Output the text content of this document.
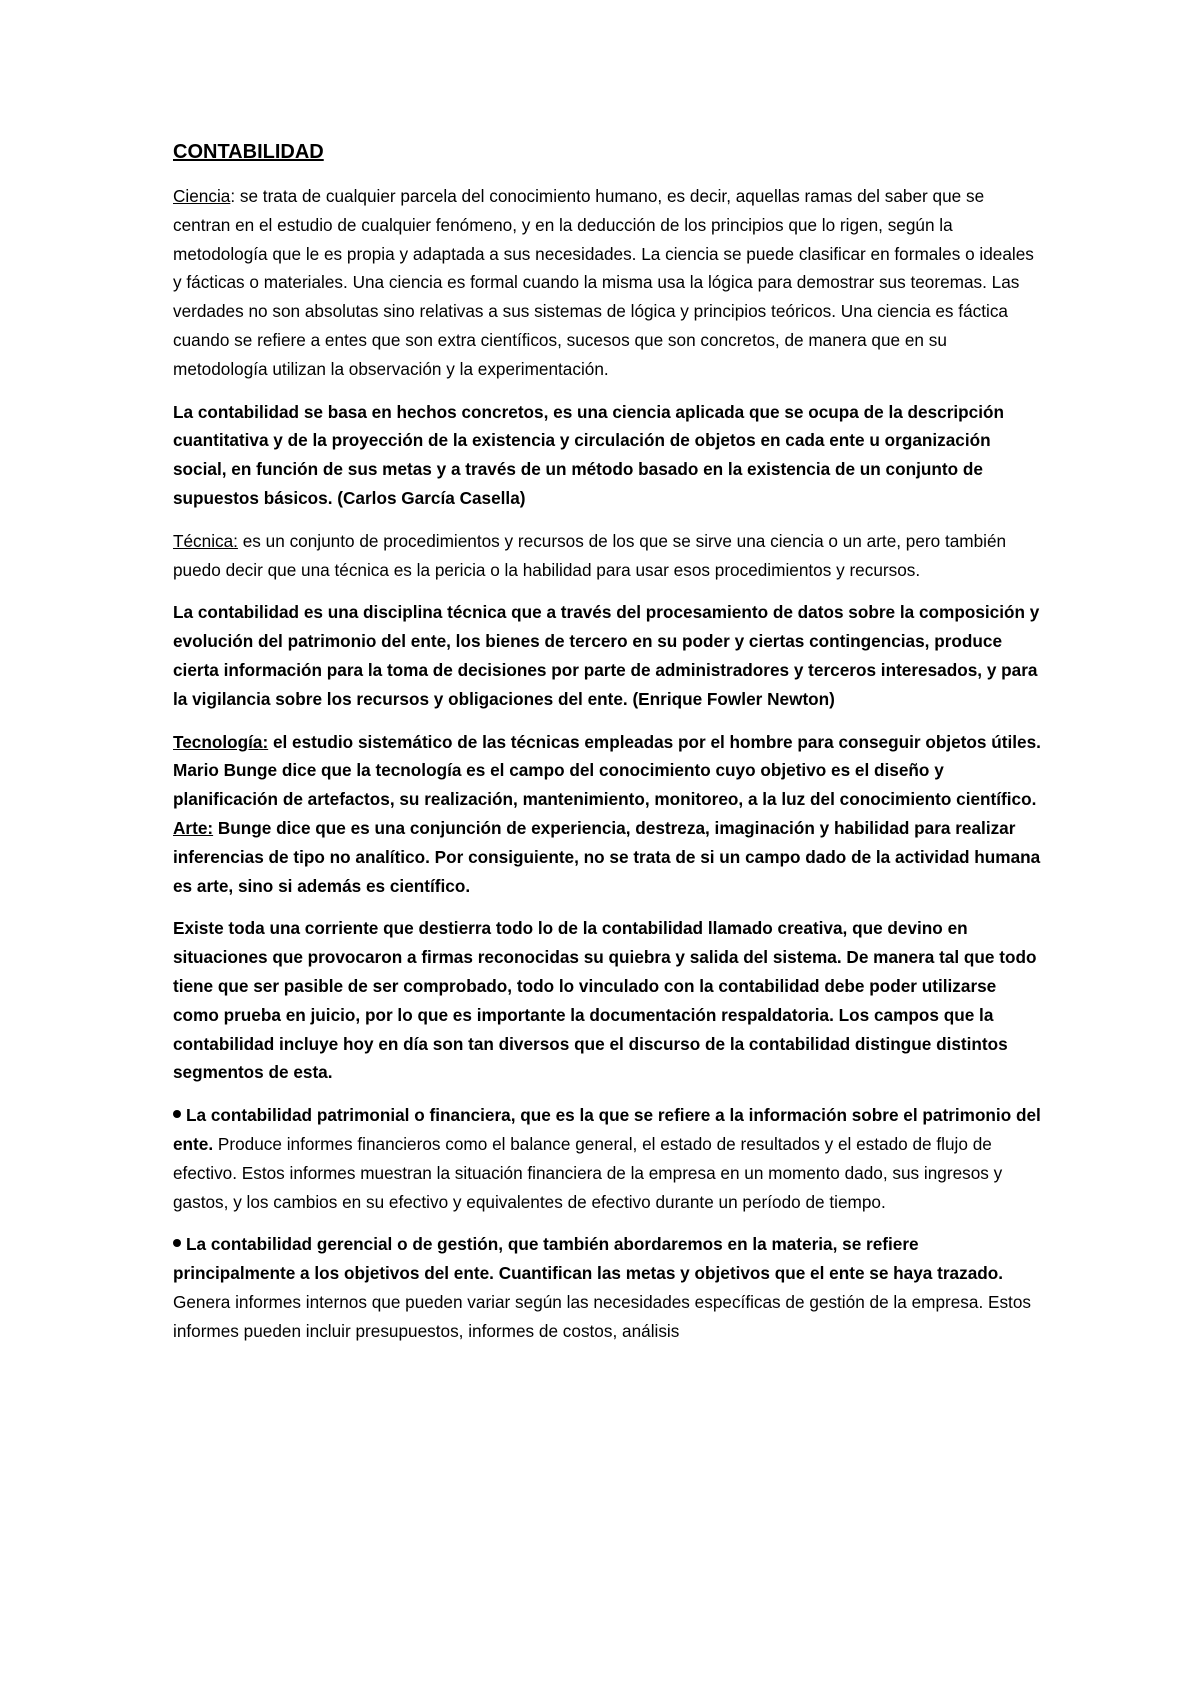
CONTABILIDAD

Ciencia: se trata de cualquier parcela del conocimiento humano, es decir, aquellas ramas del saber que se centran en el estudio de cualquier fenómeno, y en la deducción de los principios que lo rigen, según la metodología que le es propia y adaptada a sus necesidades. La ciencia se puede clasificar en formales o ideales y fácticas o materiales. Una ciencia es formal cuando la misma usa la lógica para demostrar sus teoremas. Las verdades no son absolutas sino relativas a sus sistemas de lógica y principios teóricos. Una ciencia es fáctica cuando se refiere a entes que son extra científicos, sucesos que son concretos, de manera que en su metodología utilizan la observación y la experimentación.

La contabilidad se basa en hechos concretos, es una ciencia aplicada que se ocupa de la descripción cuantitativa y de la proyección de la existencia y circulación de objetos en cada ente u organización social, en función de sus metas y a través de un método basado en la existencia de un conjunto de supuestos básicos. (Carlos García Casella)

Técnica: es un conjunto de procedimientos y recursos de los que se sirve una ciencia o un arte, pero también puedo decir que una técnica es la pericia o la habilidad para usar esos procedimientos y recursos.

La contabilidad es una disciplina técnica que a través del procesamiento de datos sobre la composición y evolución del patrimonio del ente, los bienes de tercero en su poder y ciertas contingencias, produce cierta información para la toma de decisiones por parte de administradores y terceros interesados, y para la vigilancia sobre los recursos y obligaciones del ente. (Enrique Fowler Newton)

Tecnología: el estudio sistemático de las técnicas empleadas por el hombre para conseguir objetos útiles. Mario Bunge dice que la tecnología es el campo del conocimiento cuyo objetivo es el diseño y planificación de artefactos, su realización, mantenimiento, monitoreo, a la luz del conocimiento científico. Arte: Bunge dice que es una conjunción de experiencia, destreza, imaginación y habilidad para realizar inferencias de tipo no analítico. Por consiguiente, no se trata de si un campo dado de la actividad humana es arte, sino si además es científico.

Existe toda una corriente que destierra todo lo de la contabilidad llamado creativa, que devino en situaciones que provocaron a firmas reconocidas su quiebra y salida del sistema. De manera tal que todo tiene que ser pasible de ser comprobado, todo lo vinculado con la contabilidad debe poder utilizarse como prueba en juicio, por lo que es importante la documentación respaldatoria. Los campos que la contabilidad incluye hoy en día son tan diversos que el discurso de la contabilidad distingue distintos segmentos de esta.

La contabilidad patrimonial o financiera, que es la que se refiere a la información sobre el patrimonio del ente. Produce informes financieros como el balance general, el estado de resultados y el estado de flujo de efectivo. Estos informes muestran la situación financiera de la empresa en un momento dado, sus ingresos y gastos, y los cambios en su efectivo y equivalentes de efectivo durante un período de tiempo.

La contabilidad gerencial o de gestión, que también abordaremos en la materia, se refiere principalmente a los objetivos del ente. Cuantifican las metas y objetivos que el ente se haya trazado. Genera informes internos que pueden variar según las necesidades específicas de gestión de la empresa. Estos informes pueden incluir presupuestos, informes de costos, análisis
